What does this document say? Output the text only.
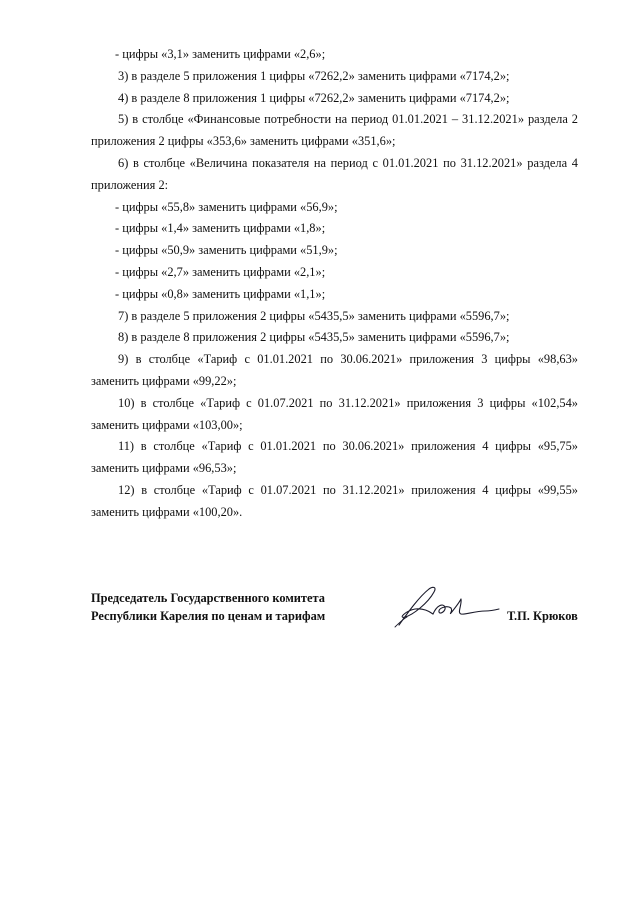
- цифры «3,1» заменить цифрами «2,6»;

3) в разделе 5 приложения 1 цифры «7262,2» заменить цифрами «7174,2»;

4) в разделе 8 приложения 1 цифры «7262,2» заменить цифрами «7174,2»;

5) в столбце «Финансовые потребности на период 01.01.2021 – 31.12.2021» раздела 2 приложения 2 цифры «353,6» заменить цифрами «351,6»;

6) в столбце «Величина показателя на период с 01.01.2021 по 31.12.2021» раздела 4 приложения 2:

- цифры «55,8» заменить цифрами «56,9»;

- цифры «1,4» заменить цифрами «1,8»;

- цифры «50,9» заменить цифрами «51,9»;

- цифры «2,7» заменить цифрами «2,1»;

- цифры «0,8» заменить цифрами «1,1»;

7) в разделе 5 приложения 2 цифры «5435,5» заменить цифрами «5596,7»;

8) в разделе 8 приложения 2 цифры «5435,5» заменить цифрами «5596,7»;

9) в столбце «Тариф с 01.01.2021 по 30.06.2021» приложения 3 цифры «98,63» заменить цифрами «99,22»;

10) в столбце «Тариф с 01.07.2021 по 31.12.2021» приложения 3 цифры «102,54» заменить цифрами «103,00»;

11) в столбце «Тариф с 01.01.2021 по 30.06.2021» приложения 4 цифры «95,75» заменить цифрами «96,53»;

12) в столбце «Тариф с 01.07.2021 по 31.12.2021» приложения 4 цифры «99,55» заменить цифрами «100,20».

Председатель Государственного комитета
Республики Карелия по ценам и тарифам	Т.П. Крюков
